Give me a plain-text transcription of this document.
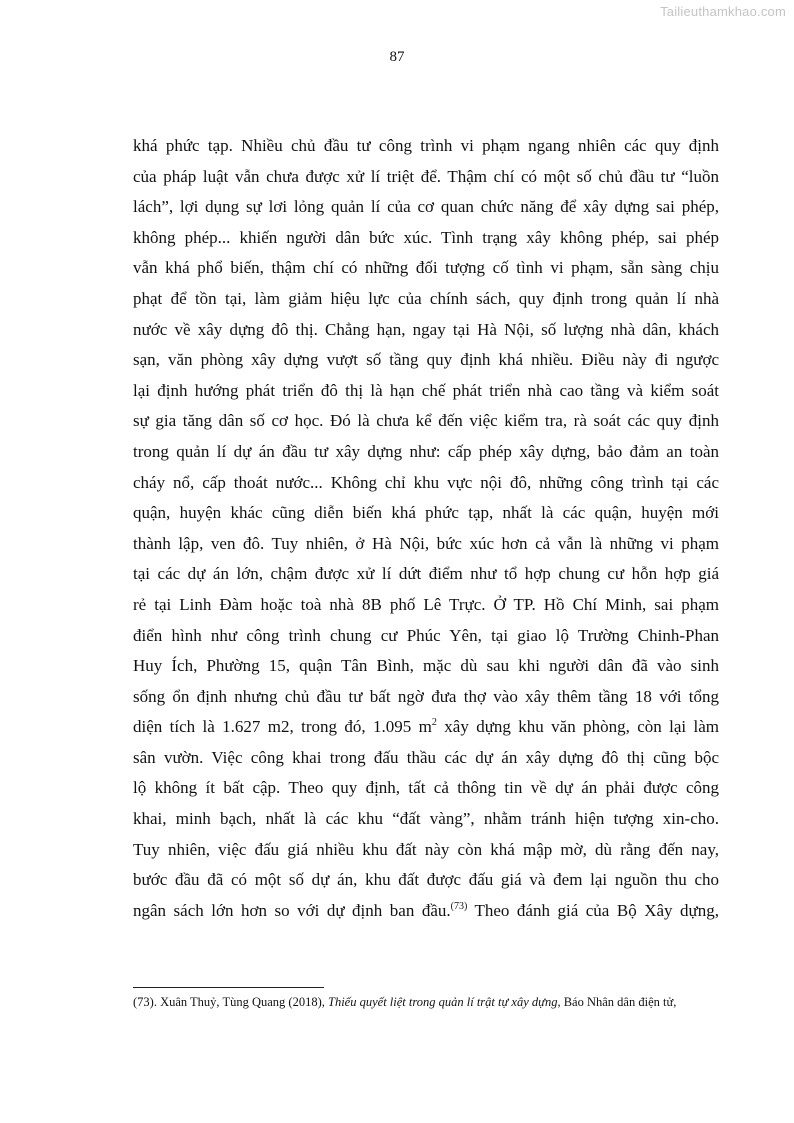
Tailieuthamkhao.com
87
khá phức tạp. Nhiều chủ đầu tư công trình vi phạm ngang nhiên các quy định
của pháp luật vẫn chưa được xử lí triệt để. Thậm chí có một số chủ đầu tư “luồn
lách”, lợi dụng sự lơi lỏng quản lí của cơ quan chức năng để xây dựng sai phép,
không phép... khiến người dân bức xúc. Tình trạng xây không phép, sai phép
vẫn khá phổ biến, thậm chí có những đối tượng cố tình vi phạm, sẵn sàng chịu
phạt để tồn tại, làm giảm hiệu lực của chính sách, quy định trong quản lí nhà
nước về xây dựng đô thị. Chẳng hạn, ngay tại Hà Nội, số lượng nhà dân, khách
sạn, văn phòng xây dựng vượt số tầng quy định khá nhiều. Điều này đi ngược
lại định hướng phát triển đô thị là hạn chế phát triển nhà cao tầng và kiểm soát
sự gia tăng dân số cơ học. Đó là chưa kể đến việc kiểm tra, rà soát các quy định
trong quản lí dự án đầu tư xây dựng như: cấp phép xây dựng, bảo đảm an toàn
cháy nổ, cấp thoát nước... Không chỉ khu vực nội đô, những công trình tại các
quận, huyện khác cũng diễn biến khá phức tạp, nhất là các quận, huyện mới
thành lập, ven đô. Tuy nhiên, ở Hà Nội, bức xúc hơn cả vẫn là những vi phạm
tại các dự án lớn, chậm được xử lí dứt điểm như tổ hợp chung cư hỗn hợp giá
rẻ tại Linh Đàm hoặc toà nhà 8B phố Lê Trực. Ở TP. Hồ Chí Minh, sai phạm
điển hình như công trình chung cư Phúc Yên, tại giao lộ Trường Chinh-Phan
Huy Ích, Phường 15, quận Tân Bình, mặc dù sau khi người dân đã vào sinh
sống ổn định nhưng chủ đầu tư bất ngờ đưa thợ vào xây thêm tầng 18 với tổng
diện tích là 1.627 m2, trong đó, 1.095 $m^2$ xây dựng khu văn phòng, còn lại làm
sân vườn. Việc công khai trong đấu thầu các dự án xây dựng đô thị cũng bộc
lộ không ít bất cập. Theo quy định, tất cả thông tin về dự án phải được công
khai, minh bạch, nhất là các khu “đất vàng”, nhằm tránh hiện tượng xin-cho.
Tuy nhiên, việc đấu giá nhiều khu đất này còn khá mập mờ, dù rằng đến nay,
bước đầu đã có một số dự án, khu đất được đấu giá và đem lại nguồn thu cho
ngân sách lớn hơn so với dự định ban đầu.$^{(73)}$ Theo đánh giá của Bộ Xây dựng,
(73). Xuân Thuỷ, Tùng Quang (2018), Thiếu quyết liệt trong quản lí trật tự xây dựng, Báo Nhân dân điện tử,
